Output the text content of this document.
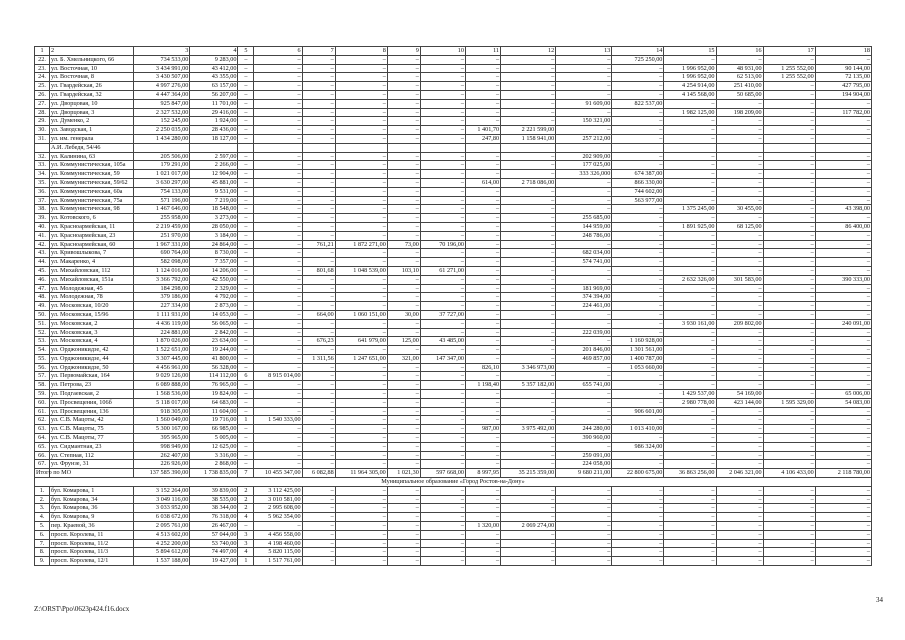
1	2	3	4	5	6	7	8	9	10	11	12	13	14	15	16	17	18
22.	ул. Б. Хмельницкого, 66	734 533,00	9 283,00	–	–	–	–	–	–	–	–	–	725 250,00	–	–	–	–
23.	ул. Восточная, 10	3 434 991,00	43 412,00	–	–	–	–	–	–	–	–	–	–	1 996 952,00	48 931,00	1 255 552,00	90 144,00
24.	ул. Восточная, 8	3 430 507,00	43 355,00	–	–	–	–	–	–	–	–	–	–	1 996 952,00	62 513,00	1 255 552,00	72 135,00
25.	ул. Гвардейская, 26	4 997 276,00	63 157,00	–	–	–	–	–	–	–	–	–	–	4 254 914,00	251 410,00	–	427 795,00
26.	ул. Гвардейская, 32	4 447 364,00	56 207,00	–	–	–	–	–	–	–	–	–	–	4 145 568,00	50 685,00	–	194 904,00
27.	ул. Дворцовая, 10	925 847,00	11 701,00	–	–	–	–	–	–	–	–	91 609,00	822 537,00	–	–	–	–
28.	ул. Дворцовая, 3	2 327 532,00	29 416,00	–	–	–	–	–	–	–	–	–	–	1 982 125,00	198 209,00	–	117 782,00
29.	ул. Думенко, 2	152 245,00	1 924,00	–	–	–	–	–	–	–	–	150 321,00	–	–	–	–	–
30.	ул. Заводская, 1	2 250 035,00	28 436,00	–	–	–	–	–	–	1 401,70	2 221 599,00	–	–	–	–	–	–
31.	ул. им. генерала	1 434 280,00	18 127,00	–	–	–	–	–	–	247,80	1 158 941,00	257 212,00	–	–	–	–	–
	А.И. Лебедя, 54/46																
32.	ул. Калинина, 63	205 506,00	2 597,00	–	–	–	–	–	–	–	–	202 909,00	–	–	–	–	–
33.	ул. Коммунистическая, 105а	179 291,00	2 266,00	–	–	–	–	–	–	–	–	177 025,00	–	–	–	–	–
34.	ул. Коммунистическая, 59	1 021 017,00	12 904,00	–	–	–	–	–	–	–	–	333 326,000	674 387,00	–	–	–	–
35.	ул. Коммунистическая, 59/62	3 630 297,00	45 881,00	–	–	–	–	–	–	614,00	2 718 086,00	–	866 330,00	–	–	–	–
36.	ул. Коммунистическая, 60а	754 133,00	9 531,00	–	–	–	–	–	–	–	–	–	744 602,00	–	–	–	–
37.	ул. Коммунистическая, 75а	571 196,00	7 219,00	–	–	–	–	–	–	–	–	–	563 977,00	–	–	–	–
38.	ул. Коммунистическая, 98	1 467 646,00	18 548,00	–	–	–	–	–	–	–	–	–	–	1 375 245,00	30 455,00	–	43 398,00
39.	ул. Котовского, 6	255 958,00	3 273,00	–	–	–	–	–	–	–	–	255 685,00	–	–	–	–	–
40.	ул. Красноармейская, 11	2 219 459,00	28 050,00	–	–	–	–	–	–	–	–	144 959,00	–	1 891 925,00	68 125,00	–	86 400,00
41.	ул. Красноармейская, 23	251 970,00	3 184,00	–	–	–	–	–	–	–	–	248 786,00	–	–	–	–	–
42.	ул. Красноармейская, 60	1 967 331,00	24 864,00	–	–	761,21	1 872 271,00	73,00	70 196,00	–	–	–	–	–	–	–	–
43.	ул. Кривошлыкова, 7	690 764,00	8 730,00	–	–	–	–	–	–	–	–	682 034,00	–	–	–	–	–
44.	ул. Макаренко, 4	582 098,00	7 357,00	–	–	–	–	–	–	–	–	574 741,00	–	–	–	–	–
45.	ул. Михайловская, 112	1 124 016,00	14 206,00	–	–	801,68	1 048 539,00	103,10	61 271,00	–	–	–	–	–	–	–	–
46.	ул. Михайловская, 151а	3 366 792,00	42 550,00	–	–	–	–	–	–	–	–	–	–	2 632 326,00	301 583,00	–	390 333,00
47.	ул. Молодежная, 45	184 298,00	2 329,00	–	–	–	–	–	–	–	–	181 969,00	–	–	–	–	–
48.	ул. Молодежная, 78	379 186,00	4 792,00	–	–	–	–	–	–	–	–	374 394,00	–	–	–	–	–
49.	ул. Московская, 10/20	227 334,00	2 873,00	–	–	–	–	–	–	–	–	224 461,00	–	–	–	–	–
50.	ул. Московская, 15/96	1 111 931,00	14 053,00	–	–	664,00	1 060 151,00	30,00	37 727,00	–	–	–	–	–	–	–	–
51.	ул. Московская, 2	4 436 119,00	56 065,00	–	–	–	–	–	–	–	–	–	–	3 930 161,00	209 802,00	–	240 091,00
52.	ул. Московская, 3	224 881,00	2 842,00	–	–	–	–	–	–	–	–	222 039,00	–	–	–	–	–
53.	ул. Московская, 4	1 870 026,00	23 634,00	–	–	676,23	641 979,00	125,00	43 485,00	–	–	–	1 160 928,00	–	–	–	–
54.	ул. Орджоникидзе, 42	1 522 651,00	19 244,00	–	–	–	–	–	–	–	–	201 846,00	1 301 561,00	–	–	–	–
55.	ул. Орджоникидзе, 44	3 307 445,00	41 800,00	–	–	1 311,56	1 247 651,00	321,00	147 347,00	–	–	469 857,00	1 400 787,00	–	–	–	–
56.	ул. Орджоникидзе, 50	4 456 961,00	56 328,00	–	–	–	–	–	–	826,10	3 346 973,00	–	1 053 660,00	–	–	–	–
57.	ул. Первомайская, 164	9 029 126,00	114 112,00	6	8 915 014,00	–	–	–	–	–	–	–	–	–	–	–	–
58.	ул. Петрова, 23	6 089 888,00	76 965,00	–	–	–	–	–	–	1 198,40	5 357 182,00	655 741,00	–	–	–	–	–
59.	ул. Подгаевская, 2	1 568 536,00	19 824,00	–	–	–	–	–	–	–	–	–	–	1 429 537,00	54 169,00	–	65 006,00
60.	ул. Просвещения, 106б	5 118 017,00	64 683,00	–	–	–	–	–	–	–	–	–	–	2 980 778,00	423 144,00	1 595 329,00	54 083,00
61.	ул. Просвещения, 136	918 305,00	11 604,00	–	–	–	–	–	–	–	–	–	906 601,00	–	–	–	–
62.	ул. С.В. Мацоты, 42	1 560 049,00	19 716,00	1	1 540 333,00	–	–	–	–	–	–	–	–	–	–	–	–
63.	ул. С.В. Мацоты, 75	5 300 167,00	66 985,00	–	–	–	–	–	–	987,00	3 975 492,00	244 280,00	1 013 410,00	–	–	–	–
64.	ул. С.В. Мацоты, 77	395 965,00	5 005,00	–	–	–	–	–	–	–	–	390 960,00	–	–	–	–	–
65.	ул. Сидмантная, 23	998 949,00	12 625,00	–	–	–	–	–	–	–	–	–	986 324,00	–	–	–	–
66.	ул. Степная, 112	262 407,00	3 316,00	–	–	–	–	–	–	–	–	259 091,00	–	–	–	–	–
67.	ул. Фрунзе, 31	226 926,00	2 868,00	–	–	–	–	–	–	–	–	224 058,00	–	–	–	–	–
Итого по МО		137 585 390,00	1 738 835,00	7	10 455 347,00	6 082,88	11 964 305,00	1 021,30	597 668,00	8 997,95	35 215 359,00	9 680 211,00	22 800 675,00	36 863 256,00	2 046 321,00	4 106 433,00	2 118 780,00
Муниципальное образование «Город Ростов-на-Дону»																	
1.	бул. Комарова, 1	3 152 264,00	39 839,00	2	3 112 425,00	–	–	–	–	–	–	–	–	–	–	–	–
2.	бул. Комарова, 34	3 049 116,00	38 535,00	2	3 010 581,00	–	–	–	–	–	–	–	–	–	–	–	–
3.	бул. Комарова, 36	3 033 952,00	38 344,00	2	2 995 608,00	–	–	–	–	–	–	–	–	–	–	–	–
4.	бул. Комарова, 9	6 038 672,00	76 318,00	4	5 962 354,00	–	–	–	–	–	–	–	–	–	–	–	–
5.	пер. Краевой, 36	2 095 761,00	26 467,00	–	–	–	–	–	–	1 320,00	2 069 274,00	–	–	–	–	–	–
6.	просп. Королева, 11	4 513 602,00	57 044,00	3	4 456 558,00	–	–	–	–	–	–	–	–	–	–	–	–
7.	просп. Королева, 11/2	4 252 200,00	53 740,00	3	4 198 460,00	–	–	–	–	–	–	–	–	–	–	–	–
8.	просп. Королева, 11/3	5 894 612,00	74 497,00	4	5 820 115,00	–	–	–	–	–	–	–	–	–	–	–	–
9.	просп. Королева, 12/1	1 537 188,00	19 427,00	1	1 517 761,00	–	–	–	–	–	–	–	–	–	–	–	–
34
Z:\ORST\Ppo\0623p424.f16.docx
